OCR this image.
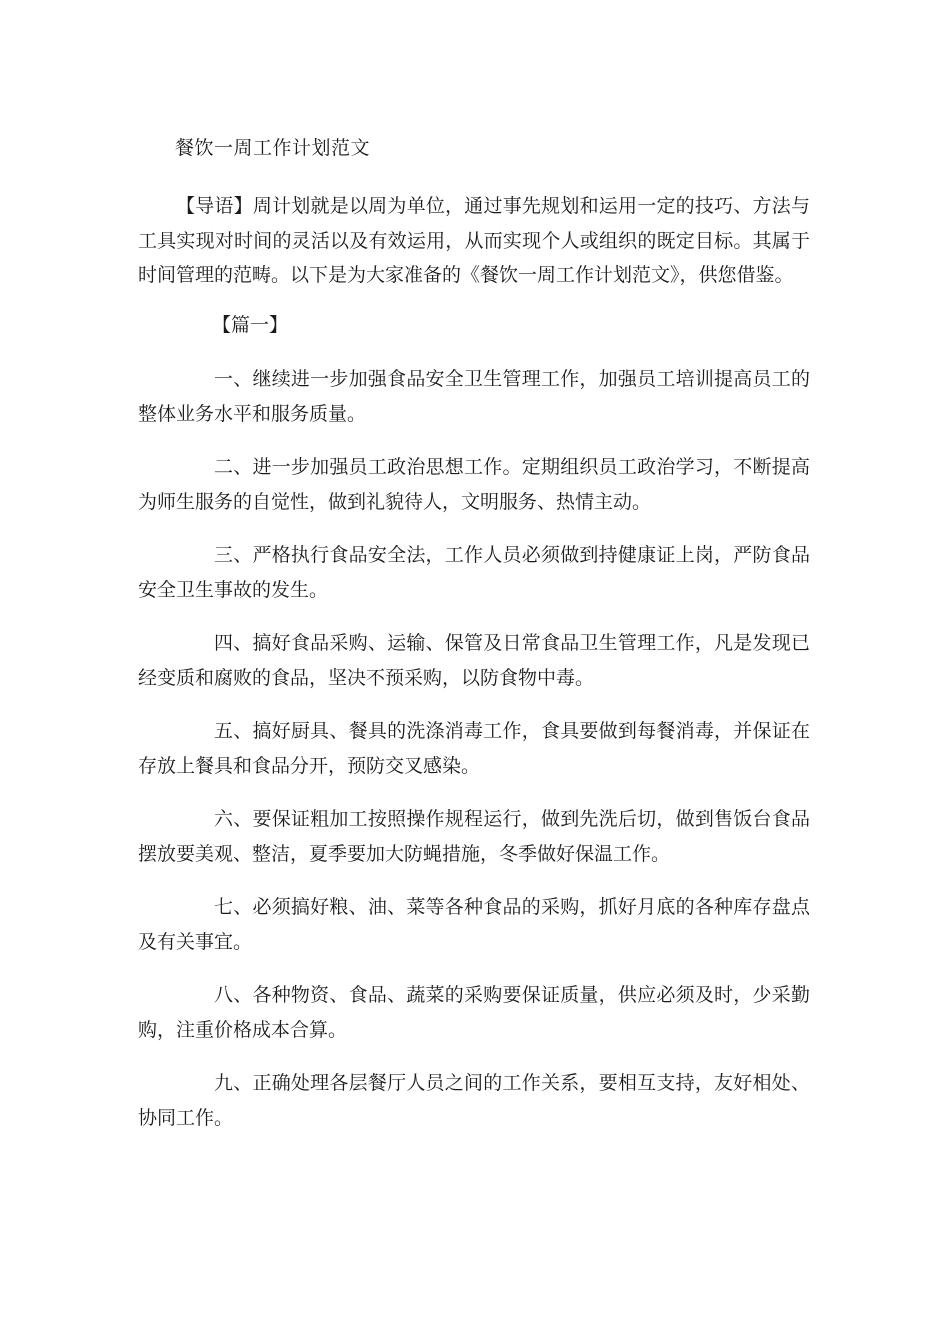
餐饮一周工作计划范文

【导语】周计划就是以周为单位，通过事先规划和运用一定的技巧、方法与工具实现对时间的灵活以及有效运用，从而实现个人或组织的既定目标。其属于时间管理的范畴。以下是为大家准备的《餐饮一周工作计划范文》，供您借鉴。

【篇一】

一、继续进一步加强食品安全卫生管理工作，加强员工培训提高员工的整体业务水平和服务质量。

二、进一步加强员工政治思想工作。定期组织员工政治学习，不断提高为师生服务的自觉性，做到礼貌待人，文明服务、热情主动。

三、严格执行食品安全法，工作人员必须做到持健康证上岗，严防食品安全卫生事故的发生。

四、搞好食品采购、运输、保管及日常食品卫生管理工作，凡是发现已经变质和腐败的食品，坚决不预采购，以防食物中毒。

五、搞好厨具、餐具的洗涤消毒工作，食具要做到每餐消毒，并保证在存放上餐具和食品分开，预防交叉感染。

六、要保证粗加工按照操作规程运行，做到先洗后切，做到售饭台食品摆放要美观、整洁，夏季要加大防蝇措施，冬季做好保温工作。

七、必须搞好粮、油、菜等各种食品的采购，抓好月底的各种库存盘点及有关事宜。

八、各种物资、食品、蔬菜的采购要保证质量，供应必须及时，少采勤购，注重价格成本合算。

九、正确处理各层餐厅人员之间的工作关系，要相互支持，友好相处、协同工作。
